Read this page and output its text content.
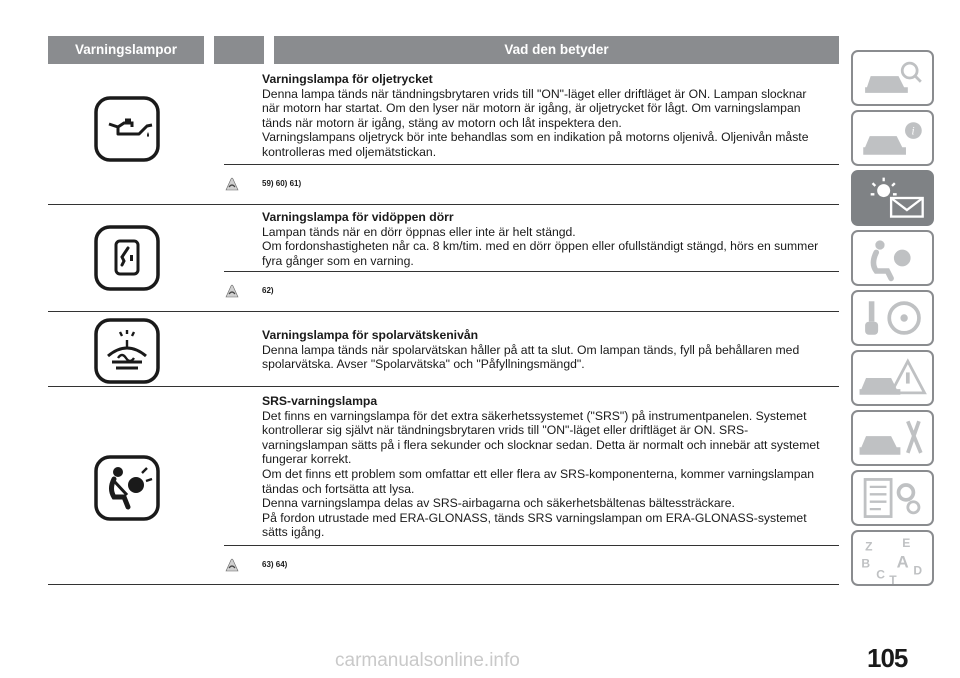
Varningslampor	Vad den betyder
Varningslampa för oljetrycket
Denna lampa tänds när tändningsbrytaren vrids till "ON"-läget eller driftläget är ON. Lampan slocknar
när motorn har startat. Om den lyser när motorn är igång, är oljetrycket för lågt. Om varningslampan
tänds när motorn är igång, stäng av motorn och låt inspektera den.
Varningslampans oljetryck bör inte behandlas som en indikation på motorns oljenivå. Oljenivån måste
kontrolleras med oljemätstickan.
59) 60) 61)
Varningslampa för vidöppen dörr
Lampan tänds när en dörr öppnas eller inte är helt stängd.
Om fordonshastigheten når ca. 8 km/tim. med en dörr öppen eller ofullständigt stängd, hörs en summer
fyra gånger som en varning.
62)
Varningslampa för spolarvätskenivån
Denna lampa tänds när spolarvätskan håller på att ta slut. Om lampan tänds, fyll på behållaren med
spolarvätska. Avser "Spolarvätska" och "Påfyllningsmängd".
SRS-varningslampa
Det finns en varningslampa för det extra säkerhetssystemet ("SRS") på instrumentpanelen. Systemet
kontrollerar sig självt när tändningsbrytaren vrids till "ON"-läget eller driftläget är ON. SRS-
varningslampan sätts på i flera sekunder och slocknar sedan. Detta är normalt och innebär att systemet
fungerar korrekt.
Om det finns ett problem som omfattar ett eller flera av SRS-komponenterna, kommer varningslampan
tändas och fortsätta att lysa.
Denna varningslampa delas av SRS-airbagarna och säkerhetsbältenas bältessträckare.
På fordon utrustade med ERA-GLONASS, tänds SRS varningslampan om ERA-GLONASS-systemet
sätts igång.
63) 64)
i
Z E
B A
C D
T
105
carmanualsonline.info
